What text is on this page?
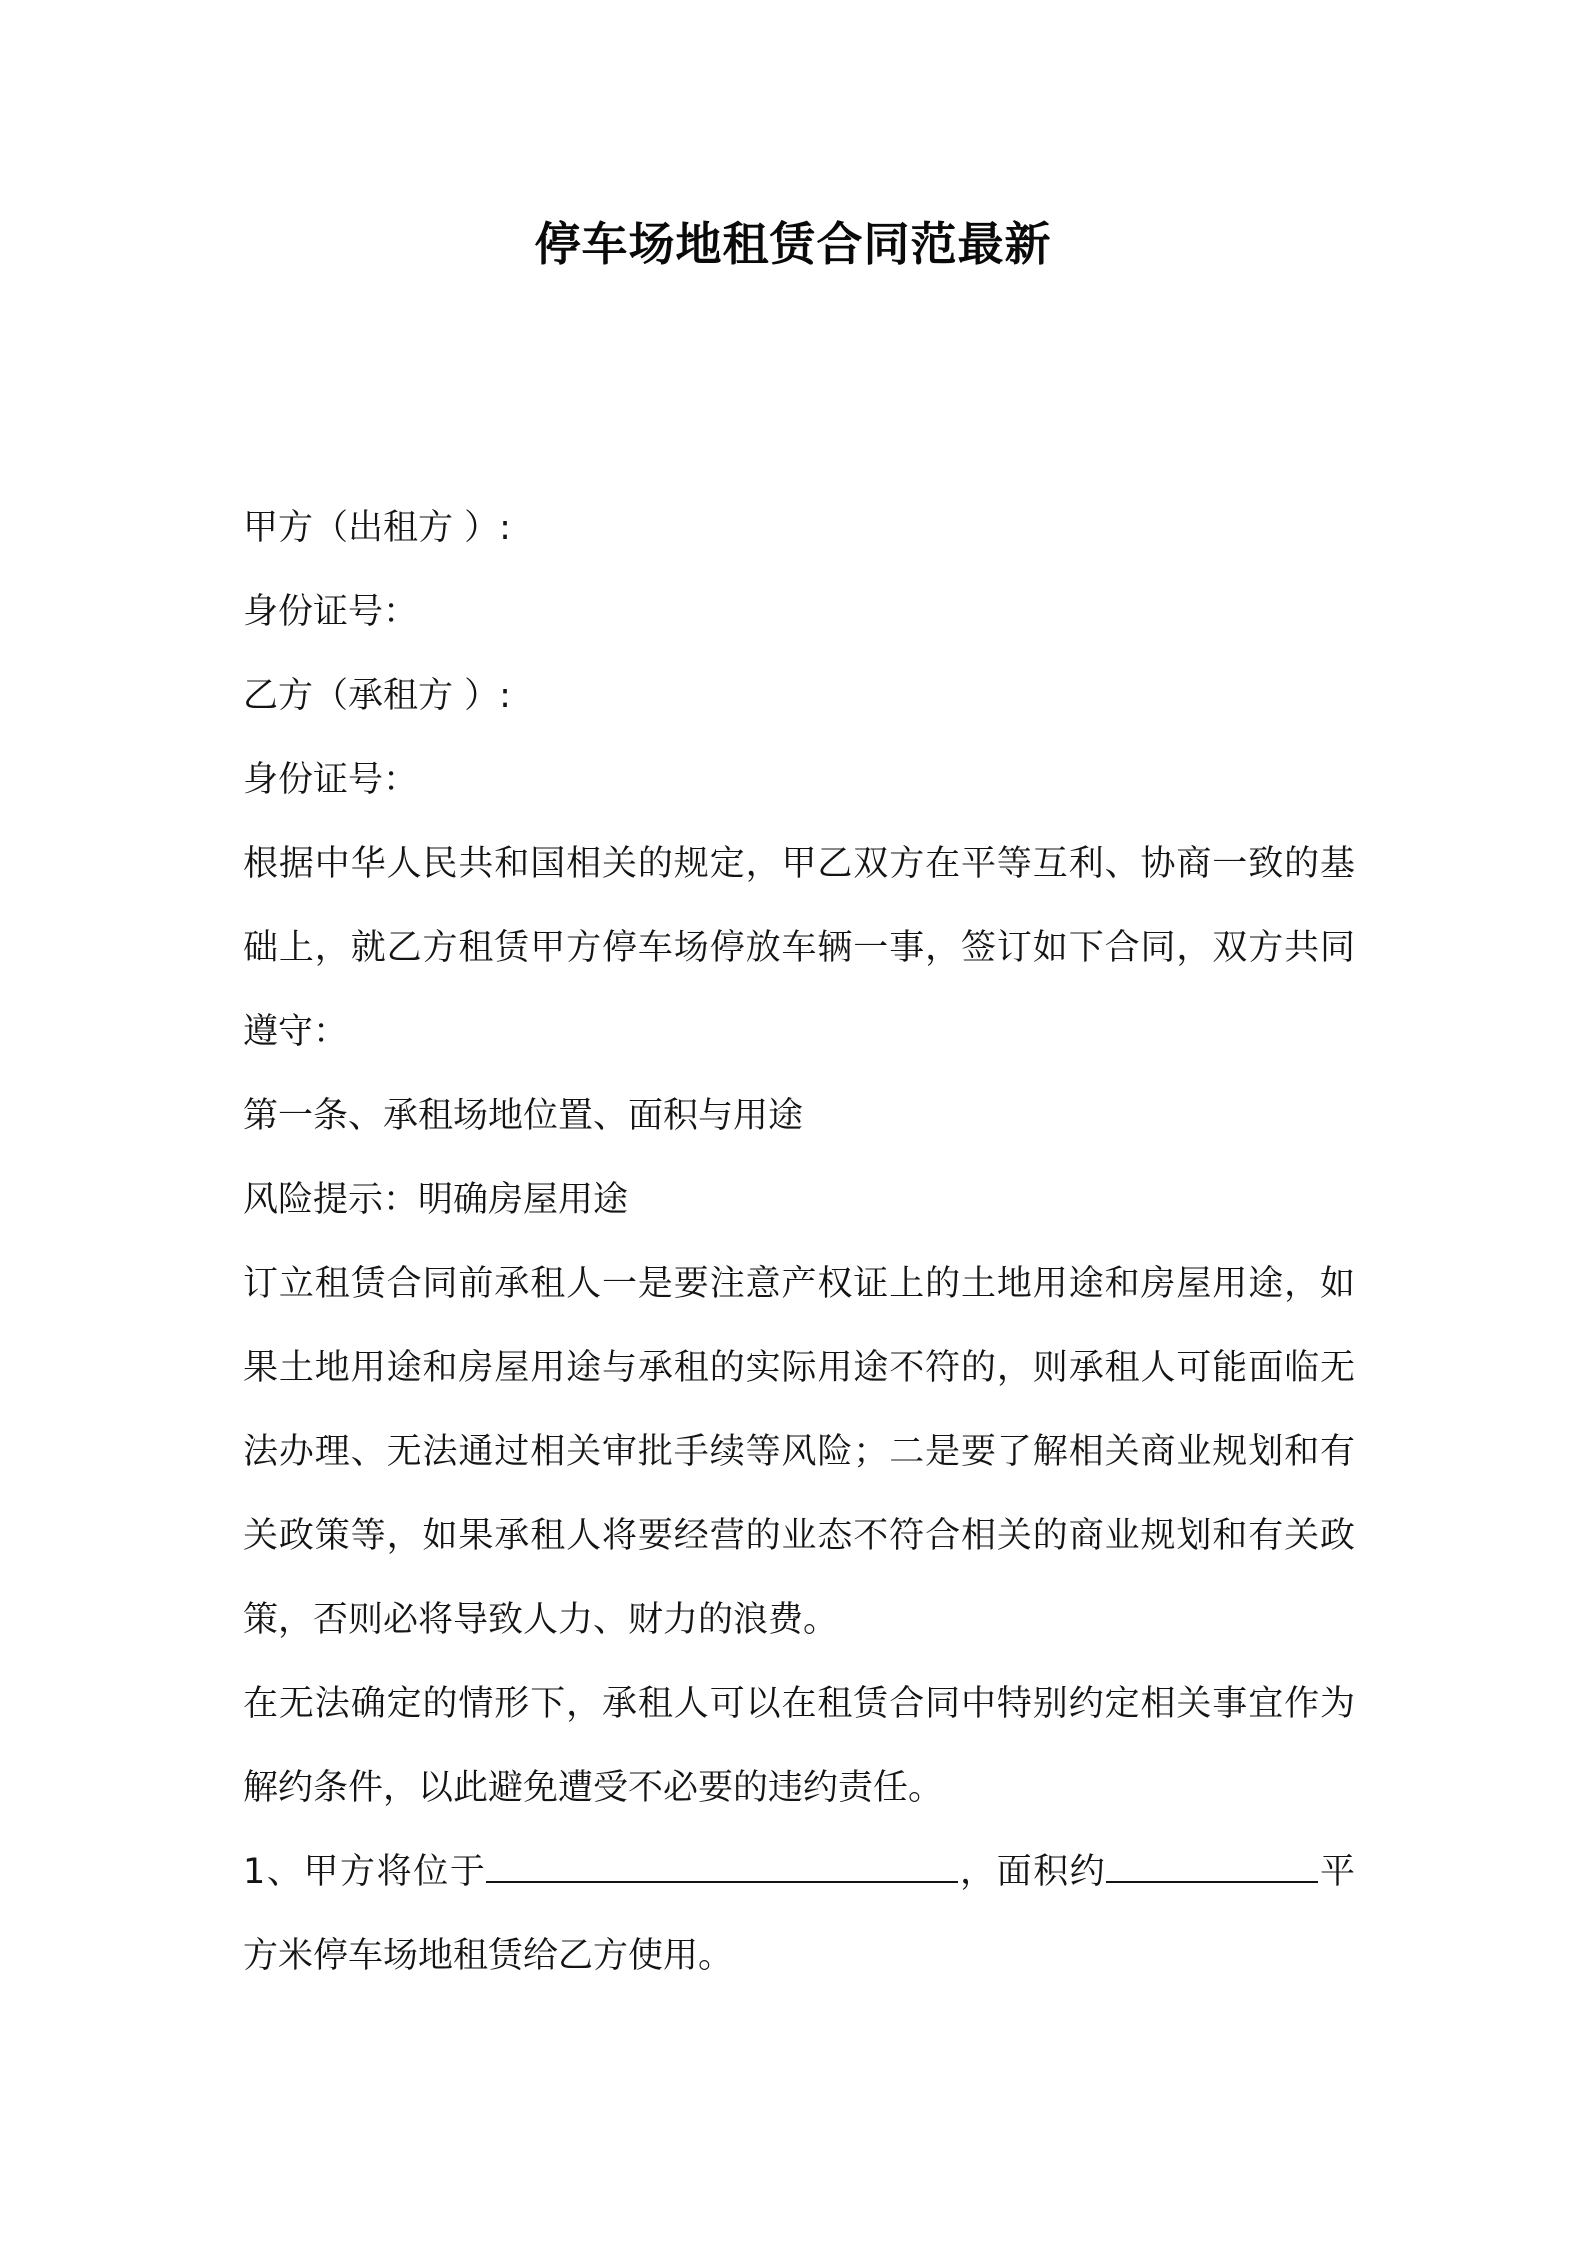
停车场地租赁合同范最新

甲方（出租方 ）:

身份证号：

乙方（承租方 ）:

身份证号：

根据中华人民共和国相关的规定，甲乙双方在平等互利、协商一致的基础上，就乙方租赁甲方停车场停放车辆一事，签订如下合同，双方共同遵守：

第一条、承租场地位置、面积与用途

风险提示：明确房屋用途

订立租赁合同前承租人一是要注意产权证上的土地用途和房屋用途，如果土地用途和房屋用途与承租的实际用途不符的，则承租人可能面临无法办理、无法通过相关审批手续等风险；二是要了解相关商业规划和有关政策等，如果承租人将要经营的业态不符合相关的商业规划和有关政策，否则必将导致人力、财力的浪费。

在无法确定的情形下，承租人可以在租赁合同中特别约定相关事宜作为解约条件，以此避免遭受不必要的违约责任。

1、甲方将位于	，面积约	平方米停车场地租赁给乙方使用。
